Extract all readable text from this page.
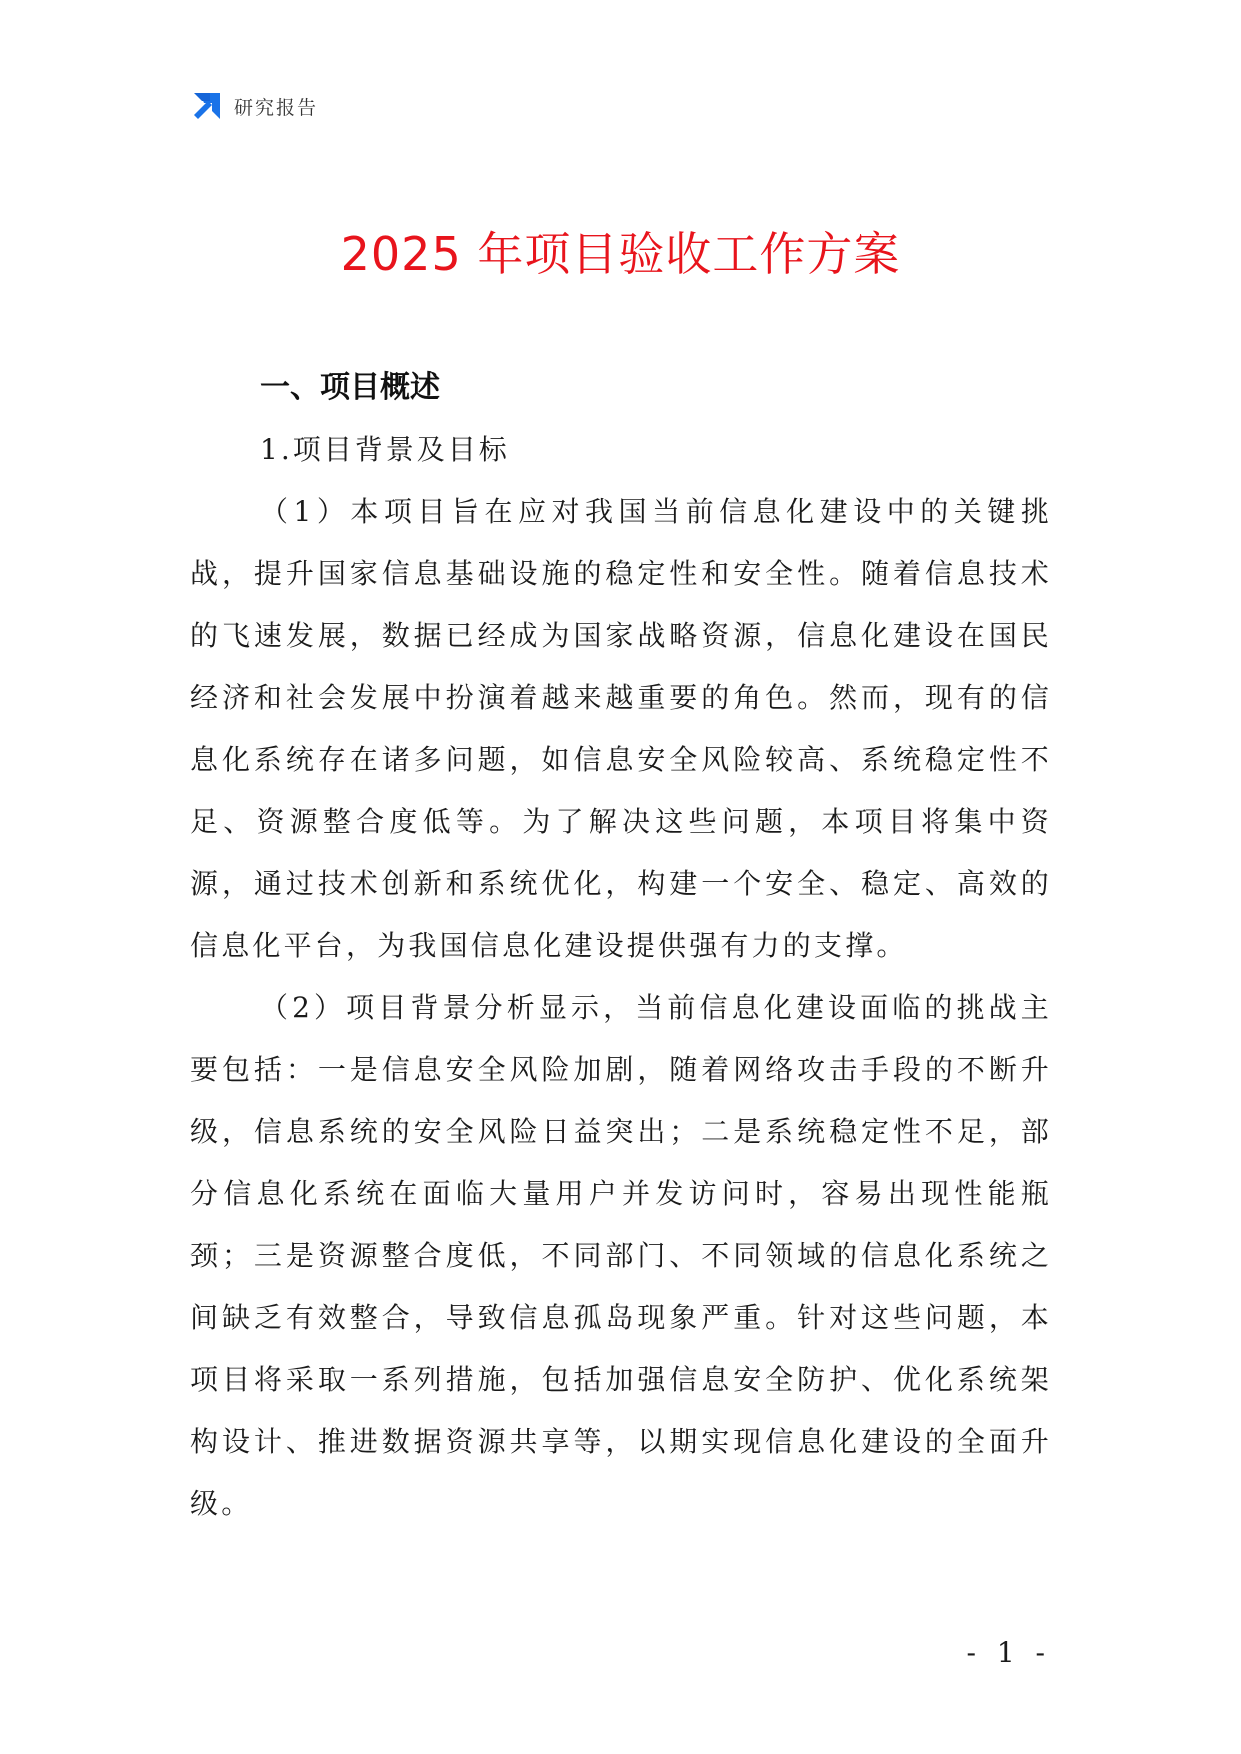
研究报告
2025 年项目验收工作方案
一、项目概述
1.项目背景及目标

（1）本项目旨在应对我国当前信息化建设中的关键挑战，提升国家信息基础设施的稳定性和安全性。随着信息技术的飞速发展，数据已经成为国家战略资源，信息化建设在国民经济和社会发展中扮演着越来越重要的角色。然而，现有的信息化系统存在诸多问题，如信息安全风险较高、系统稳定性不足、资源整合度低等。为了解决这些问题，本项目将集中资源，通过技术创新和系统优化，构建一个安全、稳定、高效的信息化平台，为我国信息化建设提供强有力的支撑。

（2）项目背景分析显示，当前信息化建设面临的挑战主要包括：一是信息安全风险加剧，随着网络攻击手段的不断升级，信息系统的安全风险日益突出；二是系统稳定性不足，部分信息化系统在面临大量用户并发访问时，容易出现性能瓶颈；三是资源整合度低，不同部门、不同领域的信息化系统之间缺乏有效整合，导致信息孤岛现象严重。针对这些问题，本项目将采取一系列措施，包括加强信息安全防护、优化系统架构设计、推进数据资源共享等，以期实现信息化建设的全面升级。

- 1 -
